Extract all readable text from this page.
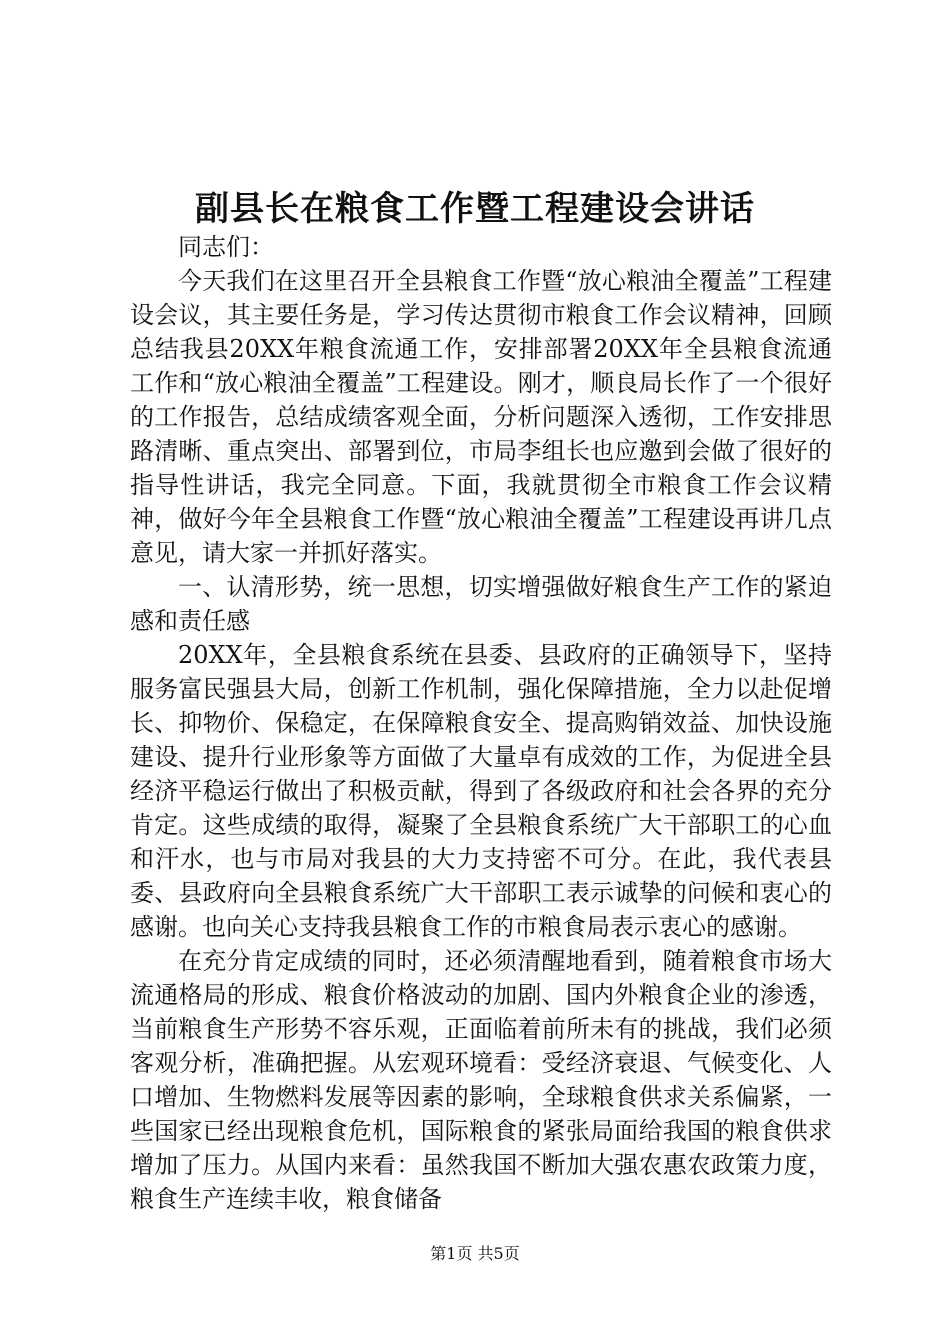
副县长在粮食工作暨工程建设会讲话

同志们：

今天我们在这里召开全县粮食工作暨“放心粮油全覆盖”工程建设会议，其主要任务是，学习传达贯彻市粮食工作会议精神，回顾总结我县20XX年粮食流通工作，安排部署20XX年全县粮食流通工作和“放心粮油全覆盖”工程建设。刚才，顺良局长作了一个很好的工作报告，总结成绩客观全面，分析问题深入透彻，工作安排思路清晰、重点突出、部署到位，市局李组长也应邀到会做了很好的指导性讲话，我完全同意。下面，我就贯彻全市粮食工作会议精神，做好今年全县粮食工作暨“放心粮油全覆盖”工程建设再讲几点意见，请大家一并抓好落实。

一、认清形势，统一思想，切实增强做好粮食生产工作的紧迫感和责任感

20XX年，全县粮食系统在县委、县政府的正确领导下，坚持服务富民强县大局，创新工作机制，强化保障措施，全力以赴促增长、抑物价、保稳定，在保障粮食安全、提高购销效益、加快设施建设、提升行业形象等方面做了大量卓有成效的工作，为促进全县经济平稳运行做出了积极贡献，得到了各级政府和社会各界的充分肯定。这些成绩的取得，凝聚了全县粮食系统广大干部职工的心血和汗水，也与市局对我县的大力支持密不可分。在此，我代表县委、县政府向全县粮食系统广大干部职工表示诚挚的问候和衷心的感谢。也向关心支持我县粮食工作的市粮食局表示衷心的感谢。

在充分肯定成绩的同时，还必须清醒地看到，随着粮食市场大流通格局的形成、粮食价格波动的加剧、国内外粮食企业的渗透，当前粮食生产形势不容乐观，正面临着前所未有的挑战，我们必须客观分析，准确把握。从宏观环境看：受经济衰退、气候变化、人口增加、生物燃料发展等因素的影响，全球粮食供求关系偏紧，一些国家已经出现粮食危机，国际粮食的紧张局面给我国的粮食供求增加了压力。从国内来看：虽然我国不断加大强农惠农政策力度，粮食生产连续丰收，粮食储备

第1页 共5页
